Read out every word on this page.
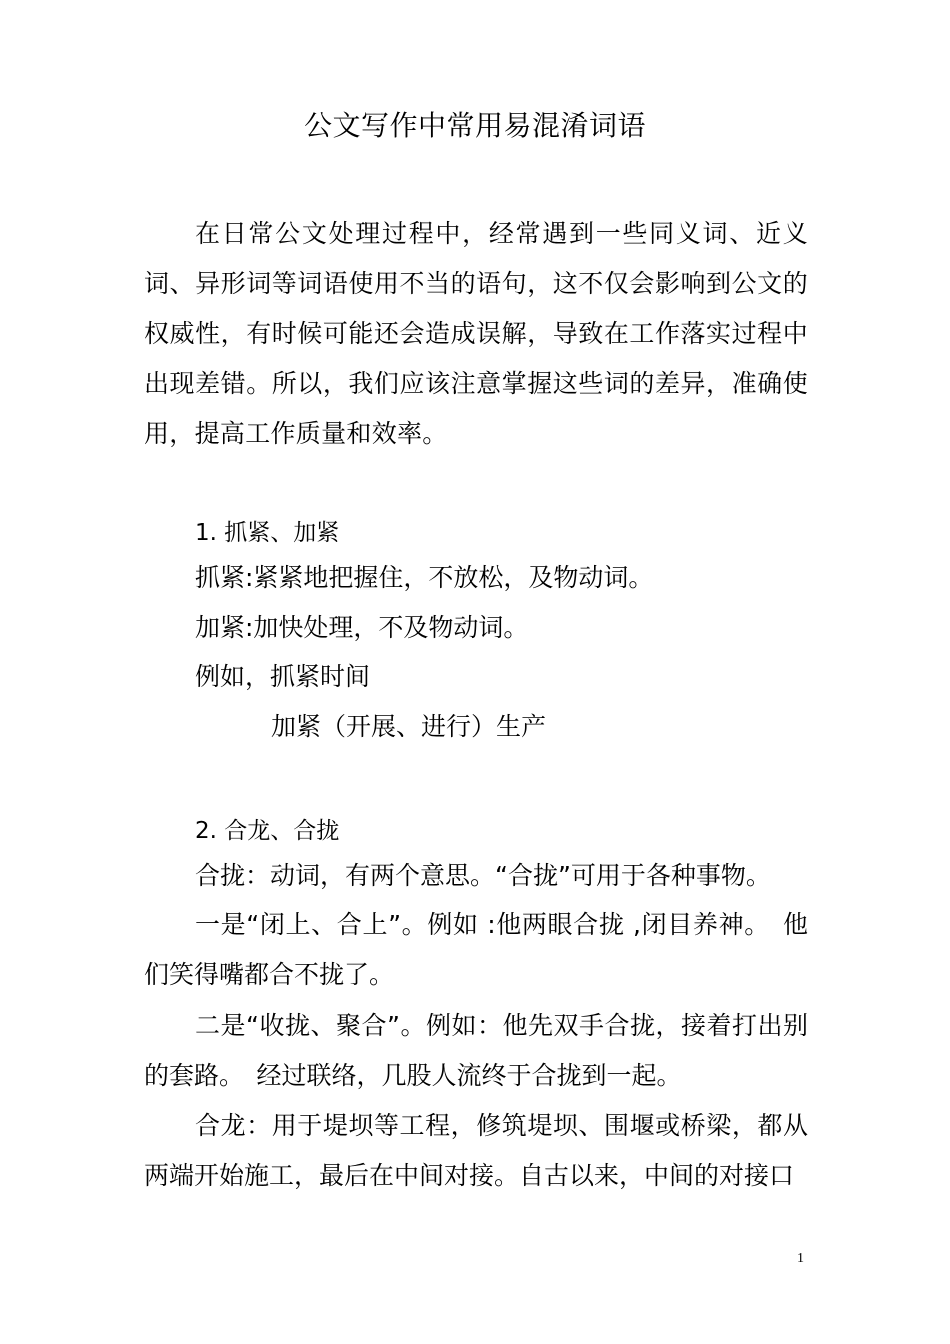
公文写作中常用易混淆词语
在日常公文处理过程中，经常遇到一些同义词、近义词、异形词等词语使用不当的语句，这不仅会影响到公文的权威性，有时候可能还会造成误解，导致在工作落实过程中出现差错。所以，我们应该注意掌握这些词的差异，准确使用，提高工作质量和效率。
1. 抓紧、加紧
抓紧:紧紧地把握住，不放松，及物动词。
加紧:加快处理，不及物动词。
例如，抓紧时间
加紧（开展、进行）生产
2. 合龙、合拢
合拢：动词，有两个意思。“合拢”可用于各种事物。
一是“闭上、合上”。例如 :他两眼合拢 ,闭目养神。　他们笑得嘴都合不拢了。
二是“收拢、聚合”。例如：他先双手合拢，接着打出别的套路。　经过联络，几股人流终于合拢到一起。
合龙：用于堤坝等工程，修筑堤坝、围堰或桥梁，都从两端开始施工，最后在中间对接。自古以来，中间的对接口
1
